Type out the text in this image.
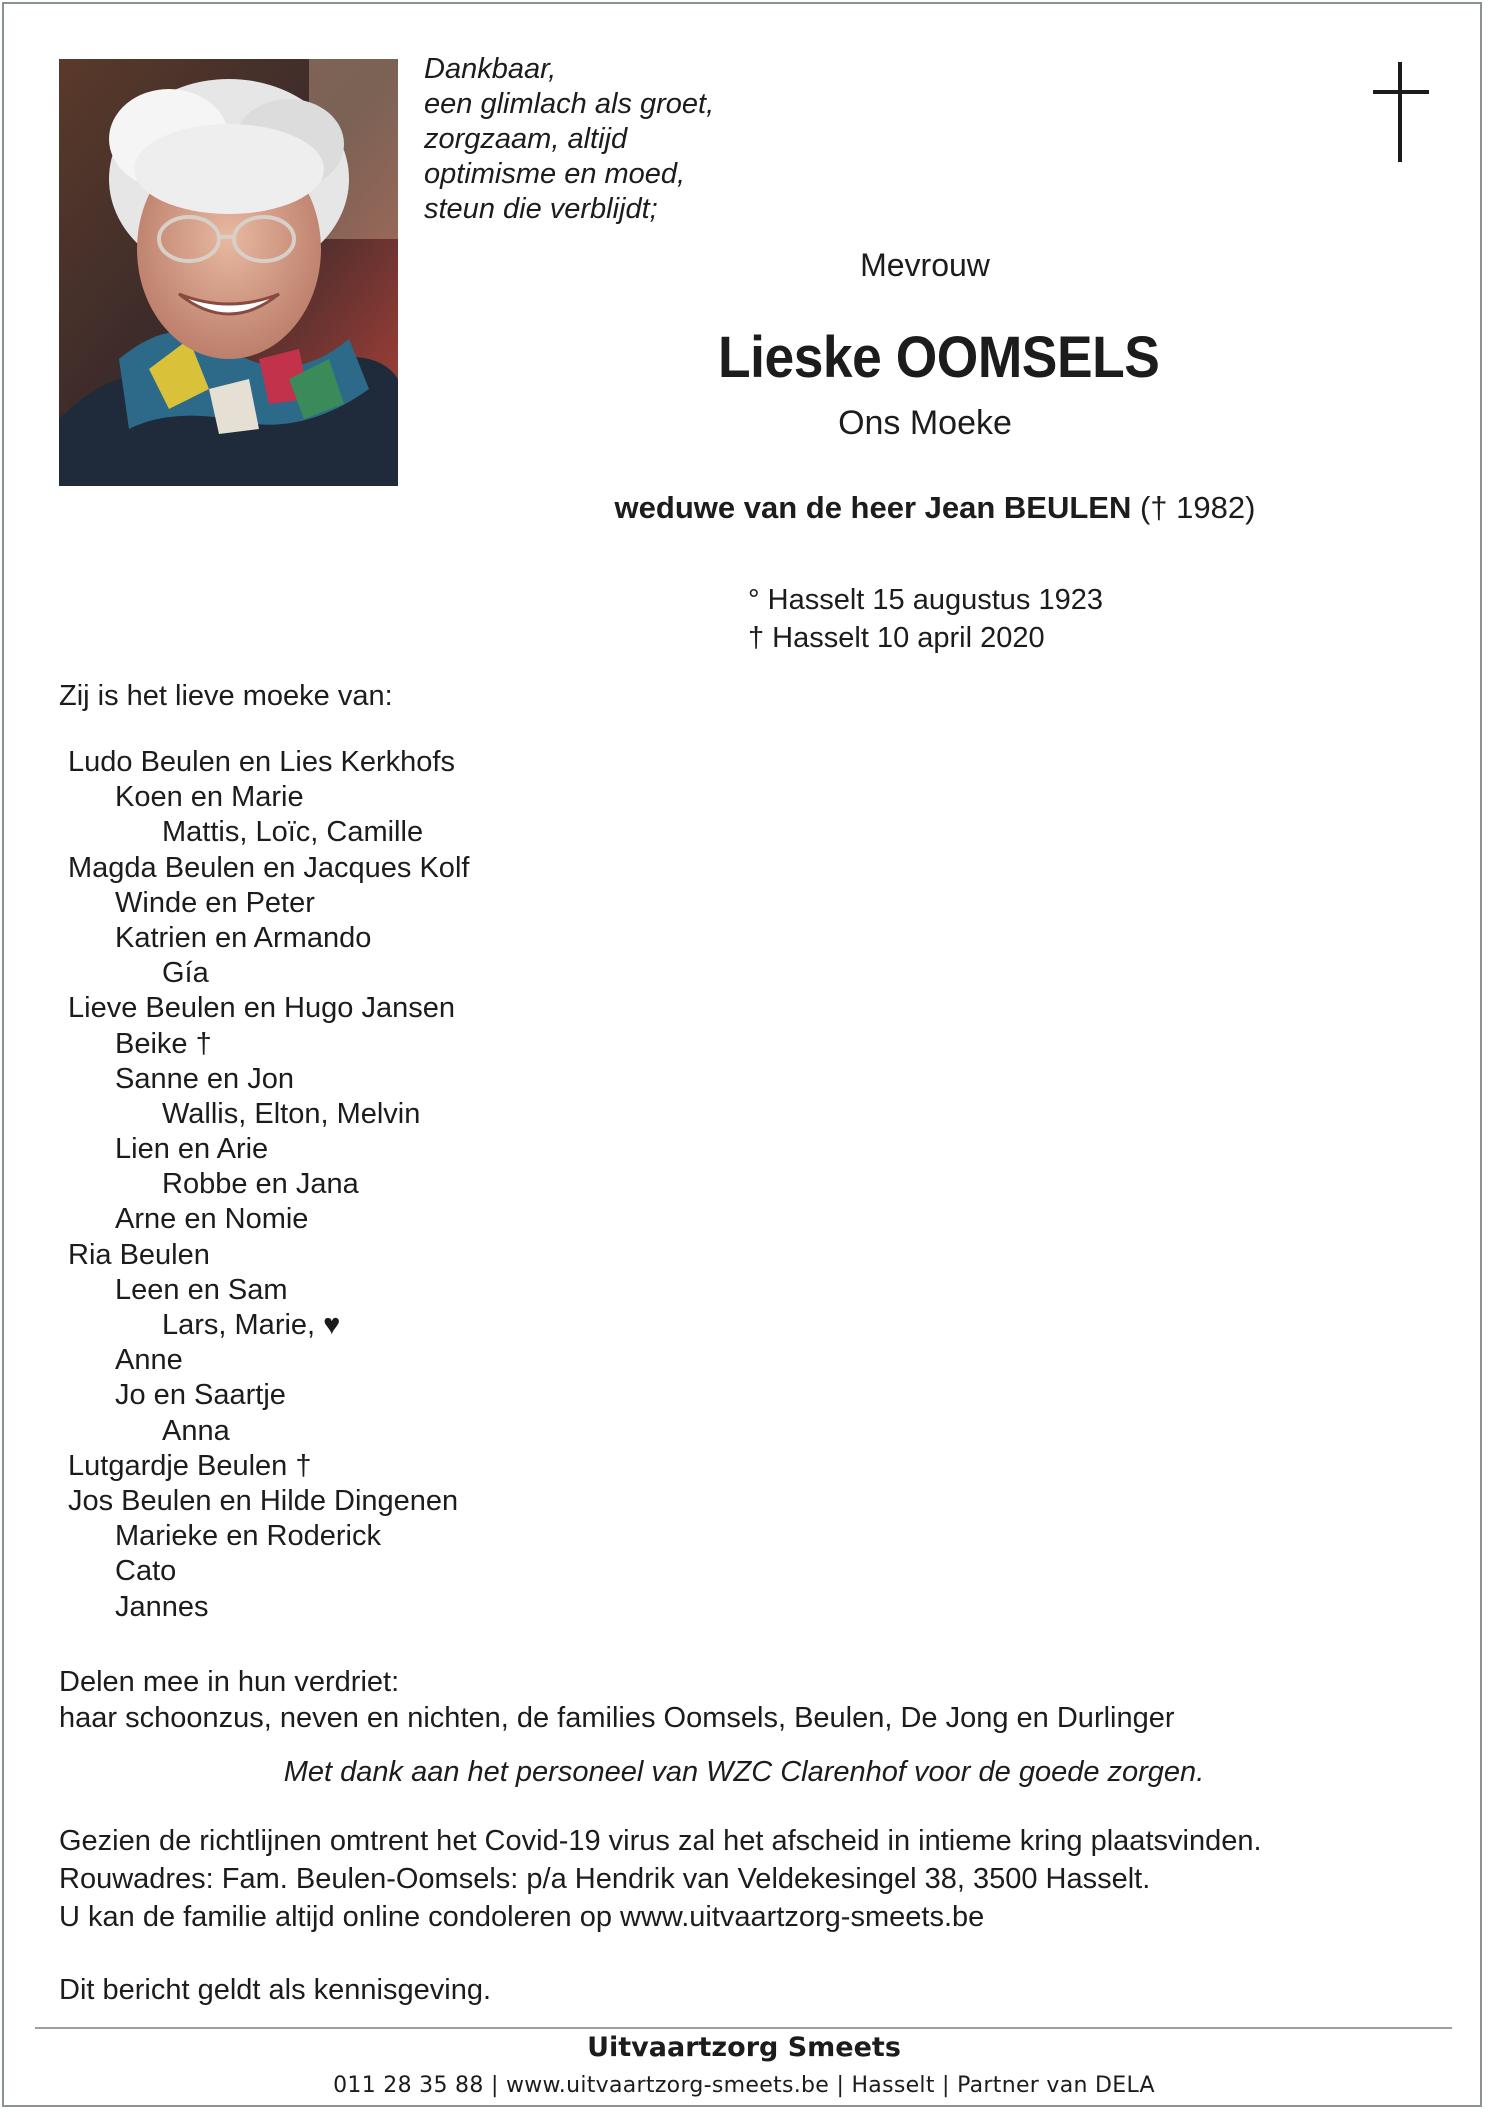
Dankbaar,
een glimlach als groet,
zorgzaam, altijd
optimisme en moed,
steun die verblijdt;
Mevrouw
Lieske OOMSELS
Ons Moeke
weduwe van de heer Jean BEULEN († 1982)
° Hasselt 15 augustus 1923
† Hasselt 10 april 2020
Zij is het lieve moeke van:
Ludo Beulen en Lies Kerkhofs
Koen en Marie
Mattis, Loïc, Camille
Magda Beulen en Jacques Kolf
Winde en Peter
Katrien en Armando
Gía
Lieve Beulen en Hugo Jansen
Beike †
Sanne en Jon
Wallis, Elton, Melvin
Lien en Arie
Robbe en Jana
Arne en Nomie
Ria Beulen
Leen en Sam
Lars, Marie, ♥
Anne
Jo en Saartje
Anna
Lutgardje Beulen †
Jos Beulen en Hilde Dingenen
Marieke en Roderick
Cato
Jannes
Delen mee in hun verdriet:
haar schoonzus, neven en nichten, de families Oomsels, Beulen, De Jong en Durlinger
Met dank aan het personeel van WZC Clarenhof voor de goede zorgen.
Gezien de richtlijnen omtrent het Covid-19 virus zal het afscheid in intieme kring plaatsvinden.
Rouwadres: Fam. Beulen-Oomsels: p/a Hendrik van Veldekesingel 38, 3500 Hasselt.
U kan de familie altijd online condoleren op www.uitvaartzorg-smeets.be
Dit bericht geldt als kennisgeving.
Uitvaartzorg Smeets
011 28 35 88 | www.uitvaartzorg-smeets.be | Hasselt | Partner van DELA
